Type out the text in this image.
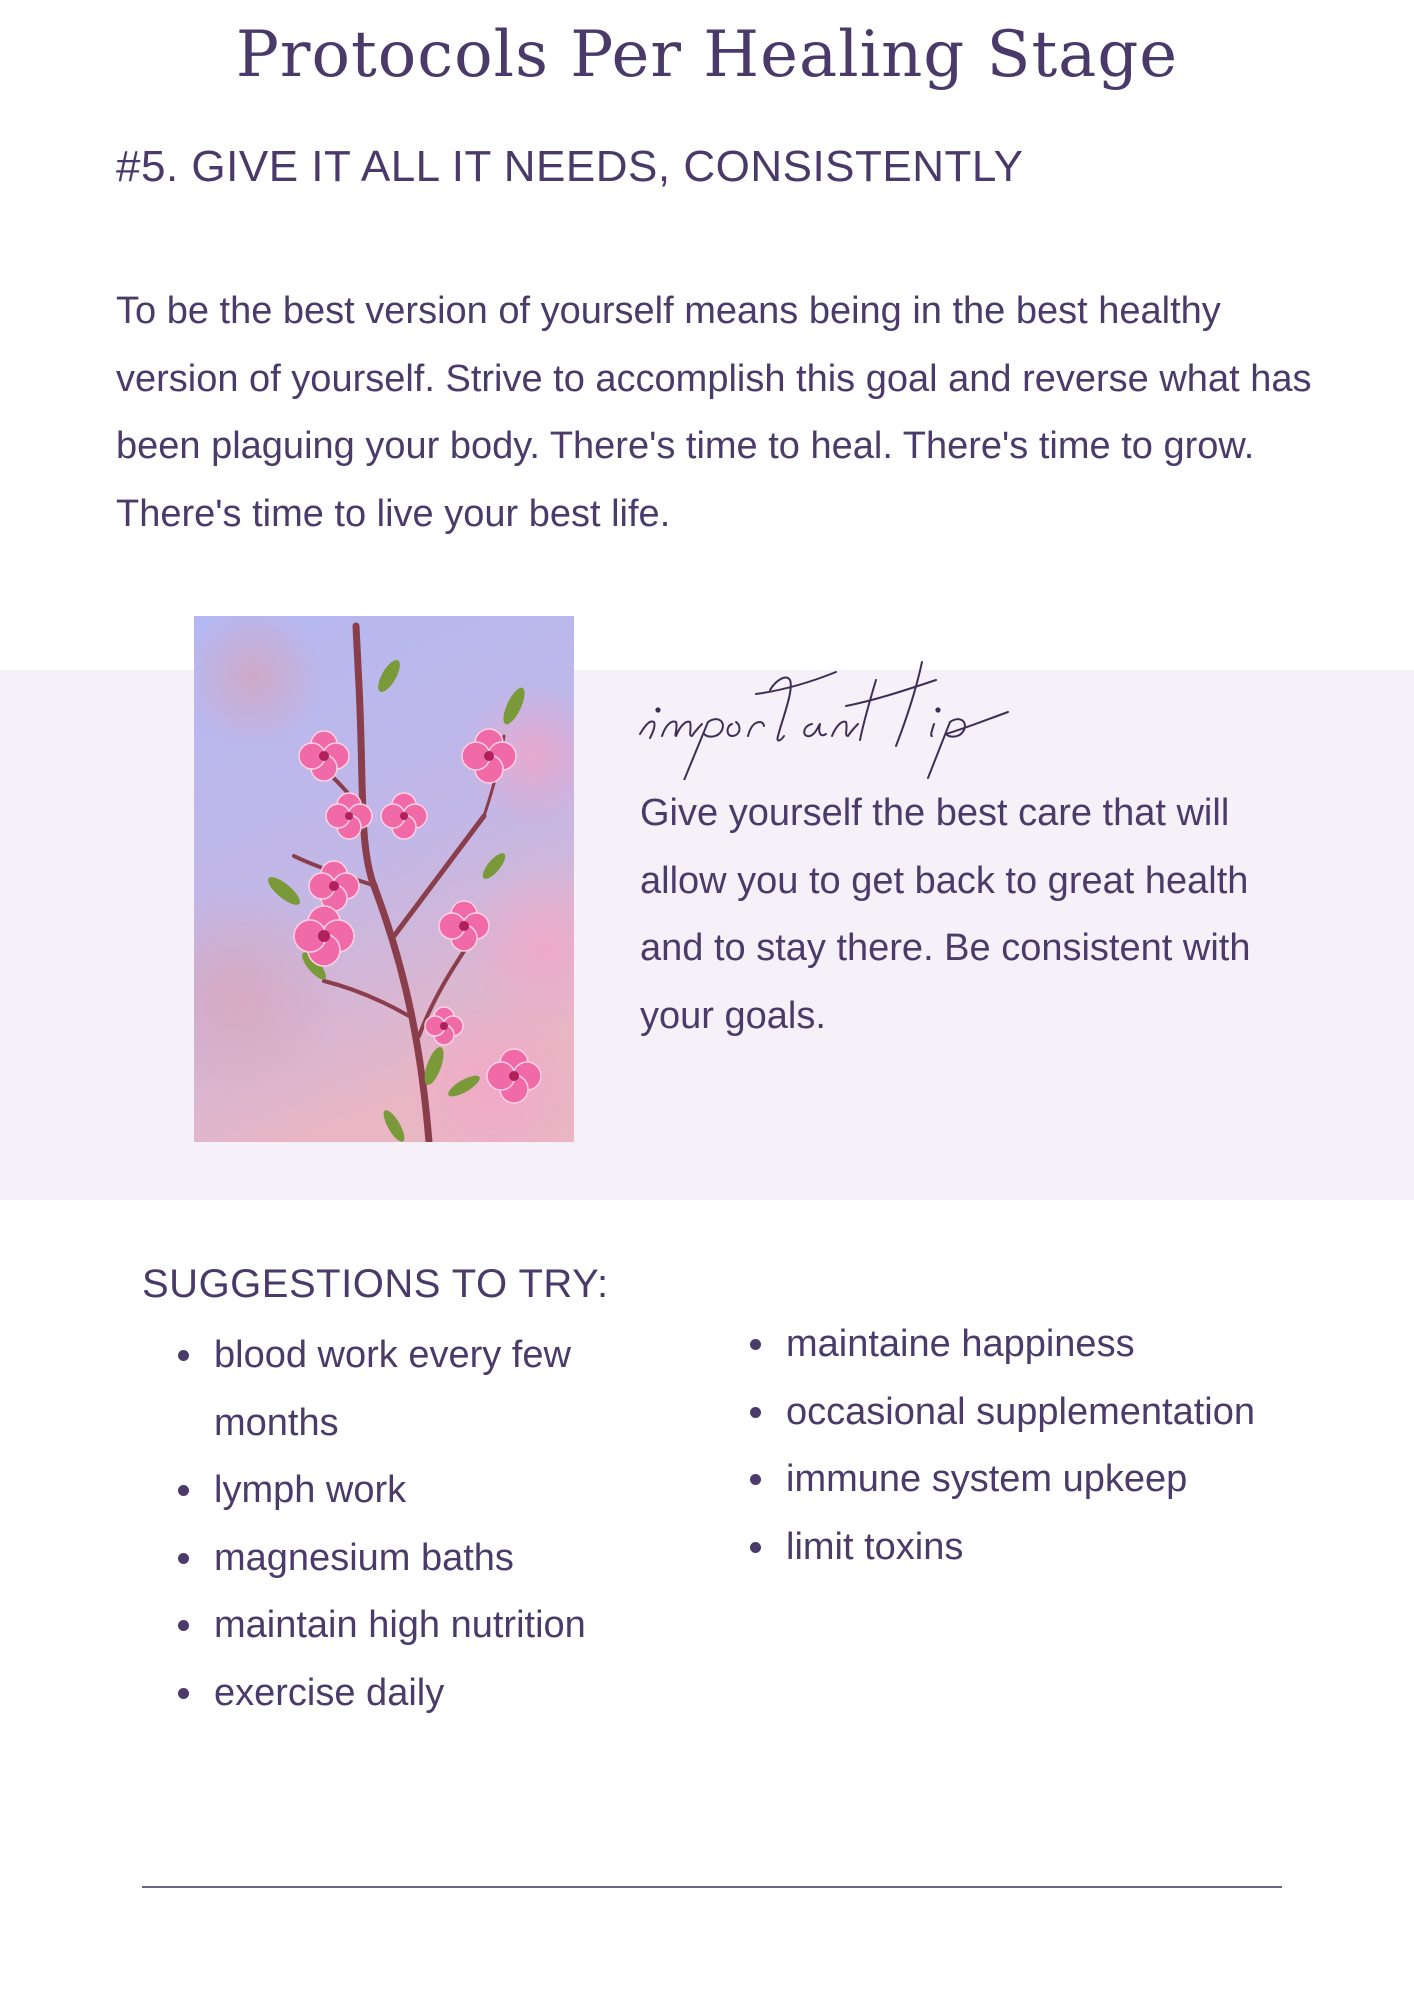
Protocols Per Healing Stage
#5. GIVE IT ALL IT NEEDS, CONSISTENTLY

To be the best version of yourself means being in the best healthy version of yourself. Strive to accomplish this goal and reverse what has been plaguing your body. There's time to heal. There's time to grow. There's time to live your best life.

Give yourself the best care that will allow you to get back to great health and to stay there. Be consistent with your goals.

SUGGESTIONS TO TRY:
blood work every few months
lymph work
magnesium baths
maintain high nutrition
exercise daily
maintaine happiness
occasional supplementation
immune system upkeep
limit toxins
